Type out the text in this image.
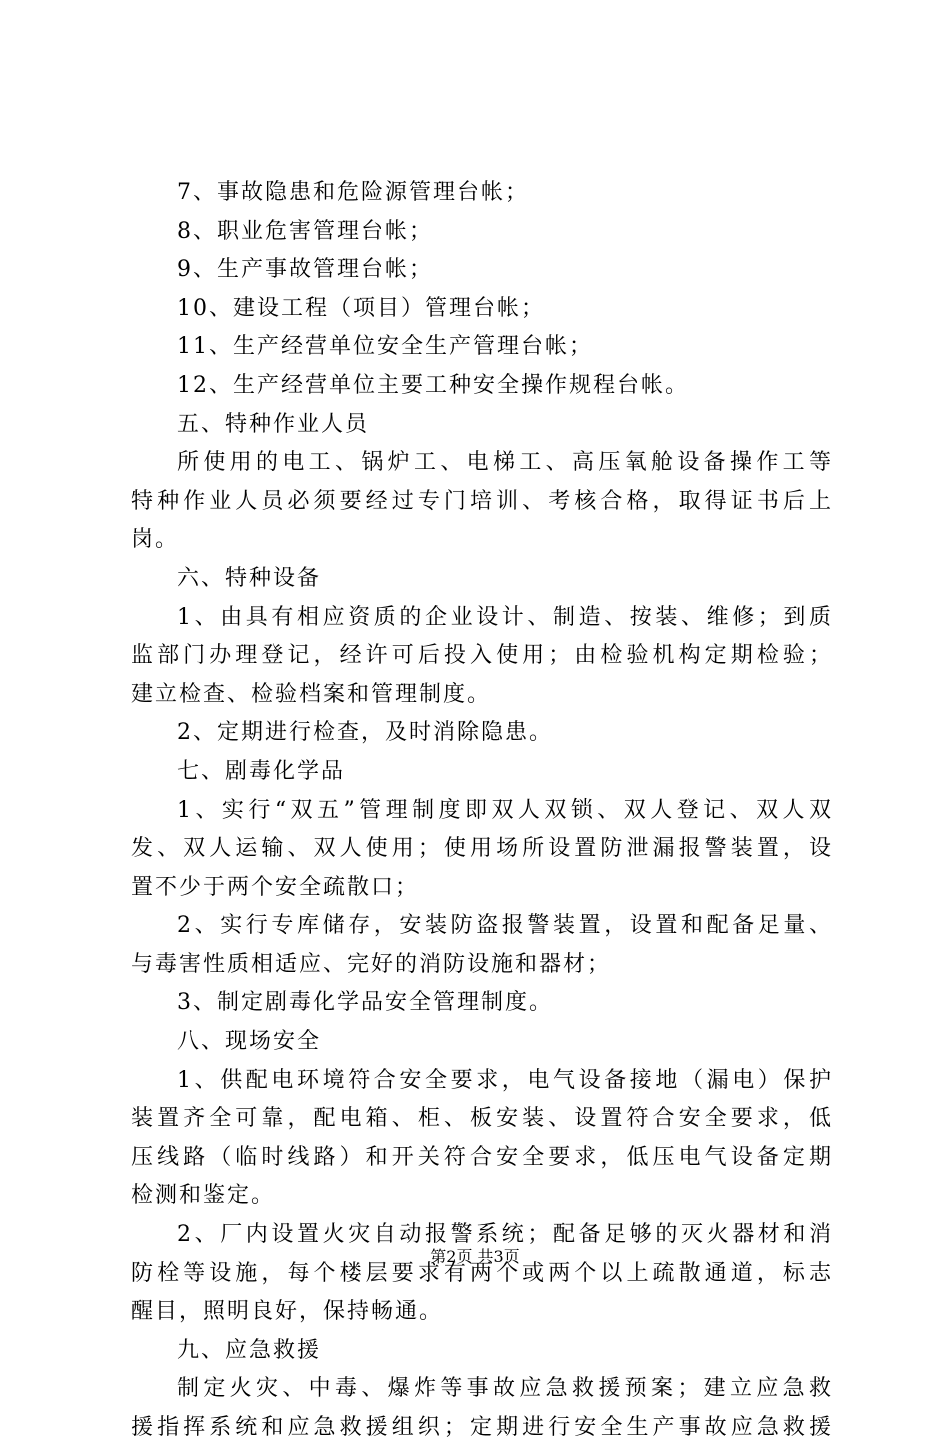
7、事故隐患和危险源管理台帐；
8、职业危害管理台帐；
9、生产事故管理台帐；
10、建设工程（项目）管理台帐；
11、生产经营单位安全生产管理台帐；
12、生产经营单位主要工种安全操作规程台帐。
五、特种作业人员
所使用的电工、锅炉工、电梯工、高压氧舱设备操作工等
特种作业人员必须要经过专门培训、考核合格，取得证书后上
岗。
六、特种设备
1、由具有相应资质的企业设计、制造、按装、维修；到质
监部门办理登记，经许可后投入使用；由检验机构定期检验；
建立检查、检验档案和管理制度。
2、定期进行检查，及时消除隐患。
七、剧毒化学品
1、实行“双五”管理制度即双人双锁、双人登记、双人双
发、双人运输、双人使用；使用场所设置防泄漏报警装置，设
置不少于两个安全疏散口；
2、实行专库储存，安装防盗报警装置，设置和配备足量、
与毒害性质相适应、完好的消防设施和器材；
3、制定剧毒化学品安全管理制度。
八、现场安全
1、供配电环境符合安全要求，电气设备接地（漏电）保护
装置齐全可靠，配电箱、柜、板安装、设置符合安全要求，低
压线路（临时线路）和开关符合安全要求，低压电气设备定期
检测和鉴定。
2、厂内设置火灾自动报警系统；配备足够的灭火器材和消
防栓等设施，每个楼层要求有两个或两个以上疏散通道，标志
醒目，照明良好，保持畅通。
九、应急救援
制定火灾、中毒、爆炸等事故应急救援预案；建立应急救
援指挥系统和应急救援组织；定期进行安全生产事故应急救援
第2页 共3页
